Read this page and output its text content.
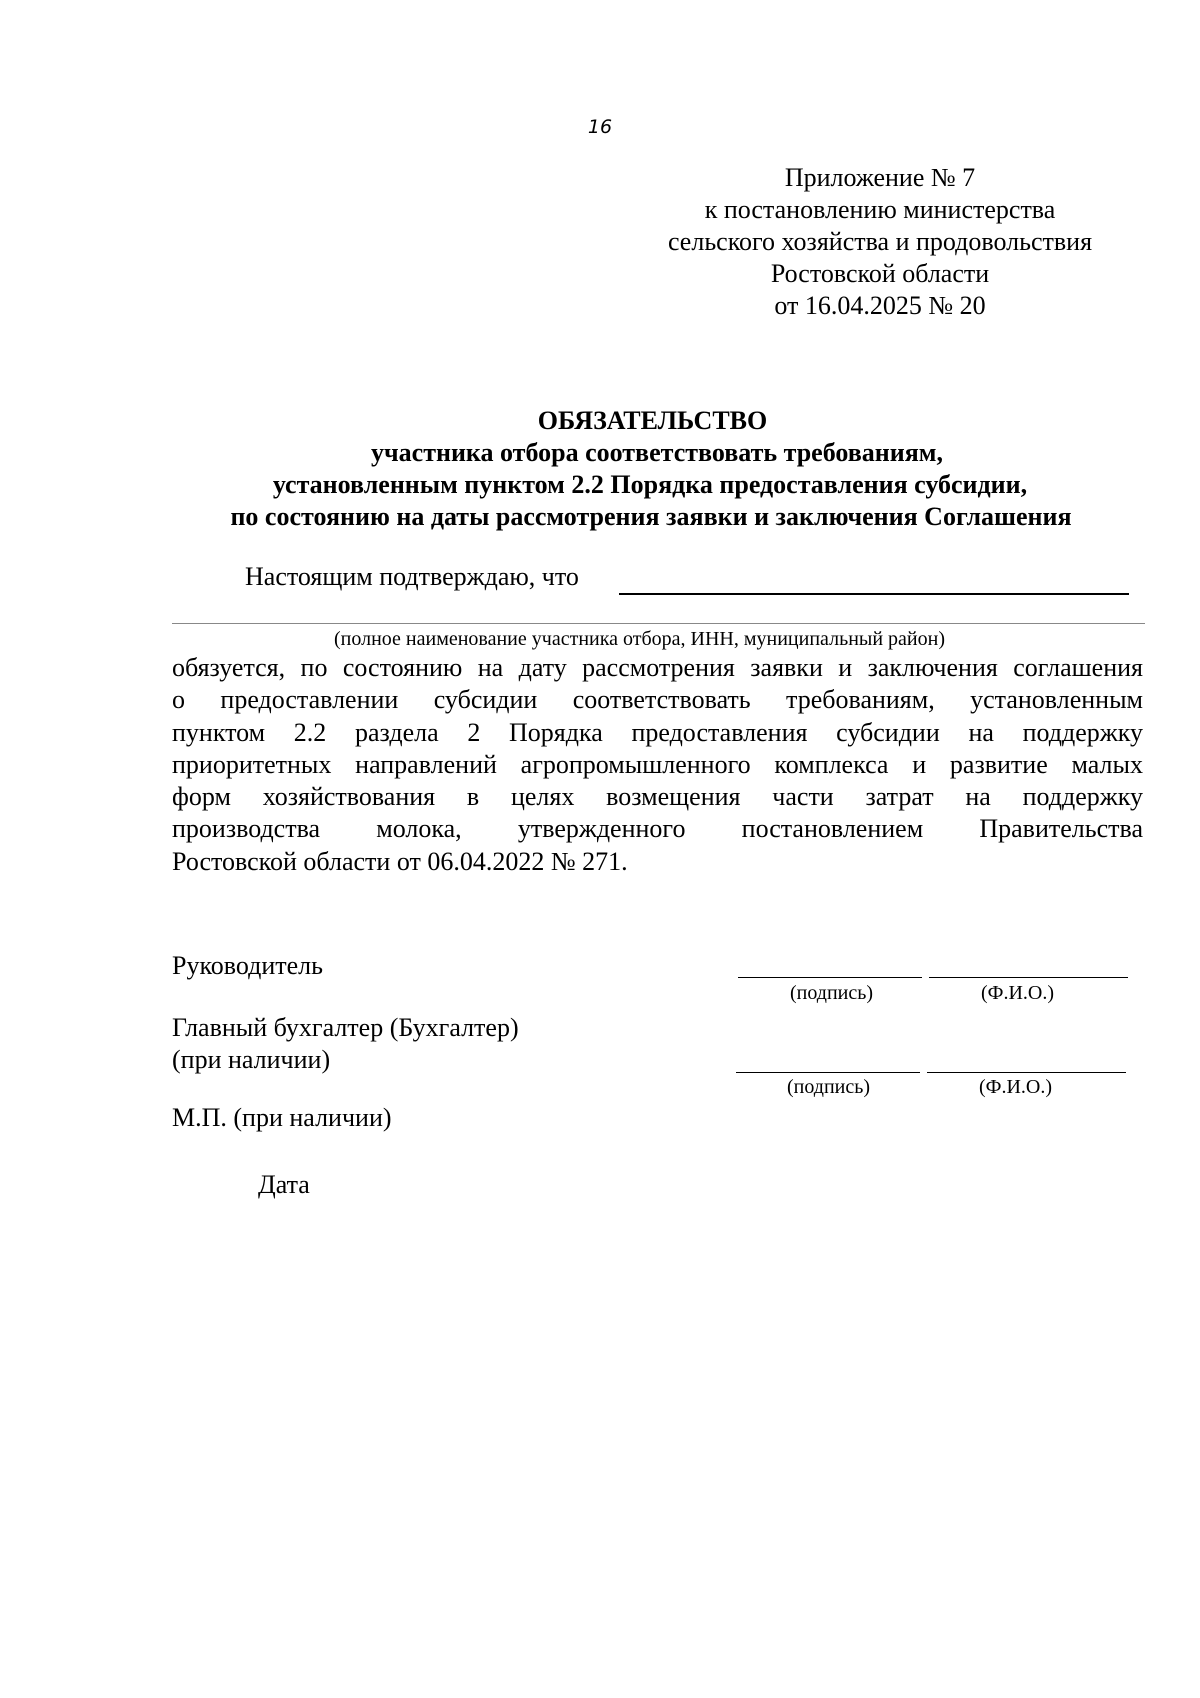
16
Приложение № 7
к постановлению министерства
сельского хозяйства и продовольствия
Ростовской области
от 16.04.2025 № 20
ОБЯЗАТЕЛЬСТВО
участника отбора соответствовать требованиям,
установленным пунктом 2.2 Порядка предоставления субсидии,
по состоянию на даты рассмотрения заявки и заключения Соглашения
Настоящим подтверждаю, что
(полное наименование участника отбора, ИНН, муниципальный район)
обязуется, по состоянию на дату рассмотрения заявки и заключения соглашения
о предоставлении субсидии соответствовать требованиям, установленным
пунктом 2.2 раздела 2 Порядка предоставления субсидии на поддержку
приоритетных направлений агропромышленного комплекса и развитие малых
форм хозяйствования в целях возмещения части затрат на поддержку
производства молока, утвержденного постановлением Правительства
Ростовской области от 06.04.2022 № 271.
Руководитель
(подпись)	(Ф.И.О.)
Главный бухгалтер (Бухгалтер)
(при наличии)
(подпись)	(Ф.И.О.)
М.П. (при наличии)
Дата
